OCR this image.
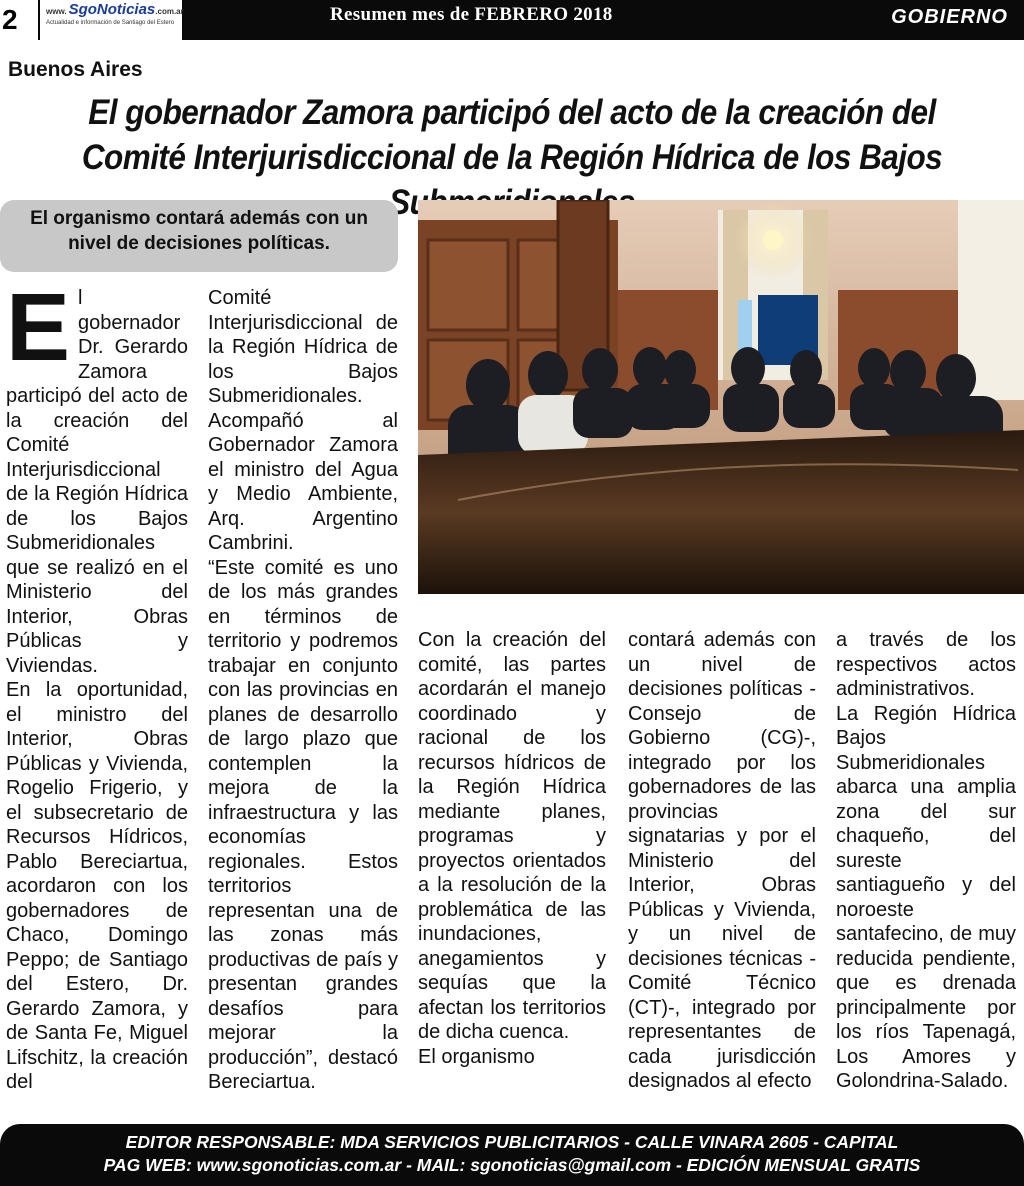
2	www. SgoNoticias.com.ar
Actualidad e información de Santiago del Estero	Resumen mes de FEBRERO 2018	GOBIERNO
Buenos Aires
El gobernador Zamora participó del acto de la creación del Comité Interjurisdiccional de la Región Hídrica de los Bajos
El organismo contará además con un nivel de decisiones políticas.

El gobernador Dr. Gerardo Zamora participó del acto de la creación del Comité Interjurisdiccional de la Región Hídrica de los Bajos Submeridionales que se realizó en el Ministerio del Interior, Obras Públicas y Viviendas.

En la oportunidad, el ministro del Interior, Obras Públicas y Vivienda, Rogelio Frigerio, y el subsecretario de Recursos Hídricos, Pablo Bereciartua, acordaron con los gobernadores de Chaco, Domingo Peppo; de Santiago del Estero, Dr. Gerardo Zamora, y de Santa Fe, Miguel Lifschitz, la creación del

Comité Interjurisdiccional de la Región Hídrica de los Bajos Submeridionales. Acompañó al Gobernador Zamora el ministro del Agua y Medio Ambiente, Arq. Argentino Cambrini.

“Este comité es uno de los más grandes en términos de territorio y podremos trabajar en conjunto con las provincias en planes de desarrollo de largo plazo que contemplen la mejora de la infraestructura y las economías regionales. Estos territorios representan una de las zonas más productivas de país y presentan grandes desafíos para mejorar la producción”, destacó Bereciartua.

Con la creación del comité, las partes acordarán el manejo coordinado y racional de los recursos hídricos de la Región Hídrica mediante planes, programas y proyectos orientados a la resolución de la problemática de las inundaciones, anegamientos y sequías que la afectan los territorios de dicha cuenca.

El organismo

contará además con un nivel de decisiones políticas -Consejo de Gobierno (CG)-, integrado por los gobernadores de las provincias signatarias y por el Ministerio del Interior, Obras Públicas y Vivienda, y un nivel de decisiones técnicas -Comité Técnico (CT)-, integrado por representantes de cada jurisdicción designados al efecto

a través de los respectivos actos administrativos.

La Región Hídrica Bajos Submeridionales abarca una amplia zona del sur chaqueño, del sureste santiagueño y del noroeste santafecino, de muy reducida pendiente, que es drenada principalmente por los ríos Tapenagá, Los Amores y Golondrina-Salado.

EDITOR RESPONSABLE: MDA SERVICIOS PUBLICITARIOS - CALLE VINARA 2605 - CAPITAL
PAG WEB: www.sgonoticias.com.ar - MAIL: sgonoticias@gmail.com - EDICIÓN MENSUAL GRATIS
